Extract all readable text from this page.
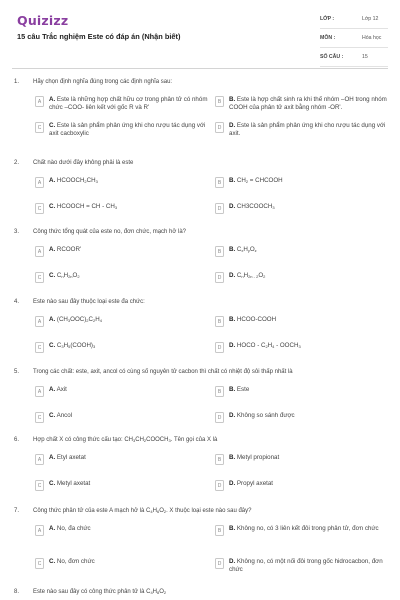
Quizizz
15 câu Trắc nghiệm Este có đáp án (Nhận biết)
LỚP :	Lớp 12
MÔN :	Hóa học
SỐ CÂU :	15
1.	Hãy chọn định nghĩa đúng trong các định nghĩa sau:
A	A. Este là những hợp chất hữu cơ trong phân tử có nhóm chức –COO- liên kết với gốc R và R'
B	B. Este là hợp chất sinh ra khi thế nhóm –OH trong nhóm COOH của phân tử axit bằng nhóm -OR'.
C	C. Este là sản phẩm phản ứng khi cho rượu tác dụng với axit cacboxylic
D	D. Este là sản phẩm phản ứng khi cho rượu tác dụng với axit.
2.	Chất nào dưới đây không phải là este
A	A. $HCOOCH_2CH_3$	B	B. $CH_2$ = CHCOOH
C	C. HCOOCH = CH - $CH_3$	D	D. $CH3COOCH_3$
3.	Công thức tổng quát của este no, đơn chức, mạch hở là?
A	A. RCOOR'	B	B. $C_xH_yO_z$
C	C. $C_nH_{2n}O_2$	D	D. $C_nH_{2n - 2}O_2$
4.	Este nào sau đây thuộc loại este đa chức:
A	A. $(CH_3OOC)_2C_2H_4$	B	B. HCOO-COOH
C	C. $C_3H_5(COOH)_3$	D	D. HOCO - $C_2H_4$ - $OOCH_3$
5.	Trong các chất: este, axit, ancol có cùng số nguyên tử cacbon thì chất có nhiệt độ sôi thấp nhất là
A	A. Axit	B	B. Este
C	C. Ancol	D	D. Không so sánh được
6.	Hợp chất X có công thức cấu tạo: $CH_3CH_2COOCH_3$. Tên gọi của X là
A	A. Etyl axetat	B	B. Metyl propionat
C	C. Metyl axetat	D	D. Propyl axetat
7.	Công thức phân tử của este A mạch hở là $C_4H_6O_2$. X thuộc loại este nào sau đây?
A	A. No, đa chức	B	B. Không no, có 3 liên kết đôi trong phân tử, đơn chức
C	C. No, đơn chức	D	D. Không no, có một nối đôi trong gốc hidrocacbon, đơn chức
8.	Este nào sau đây có công thức phân tử là $C_4H_8O_2$
